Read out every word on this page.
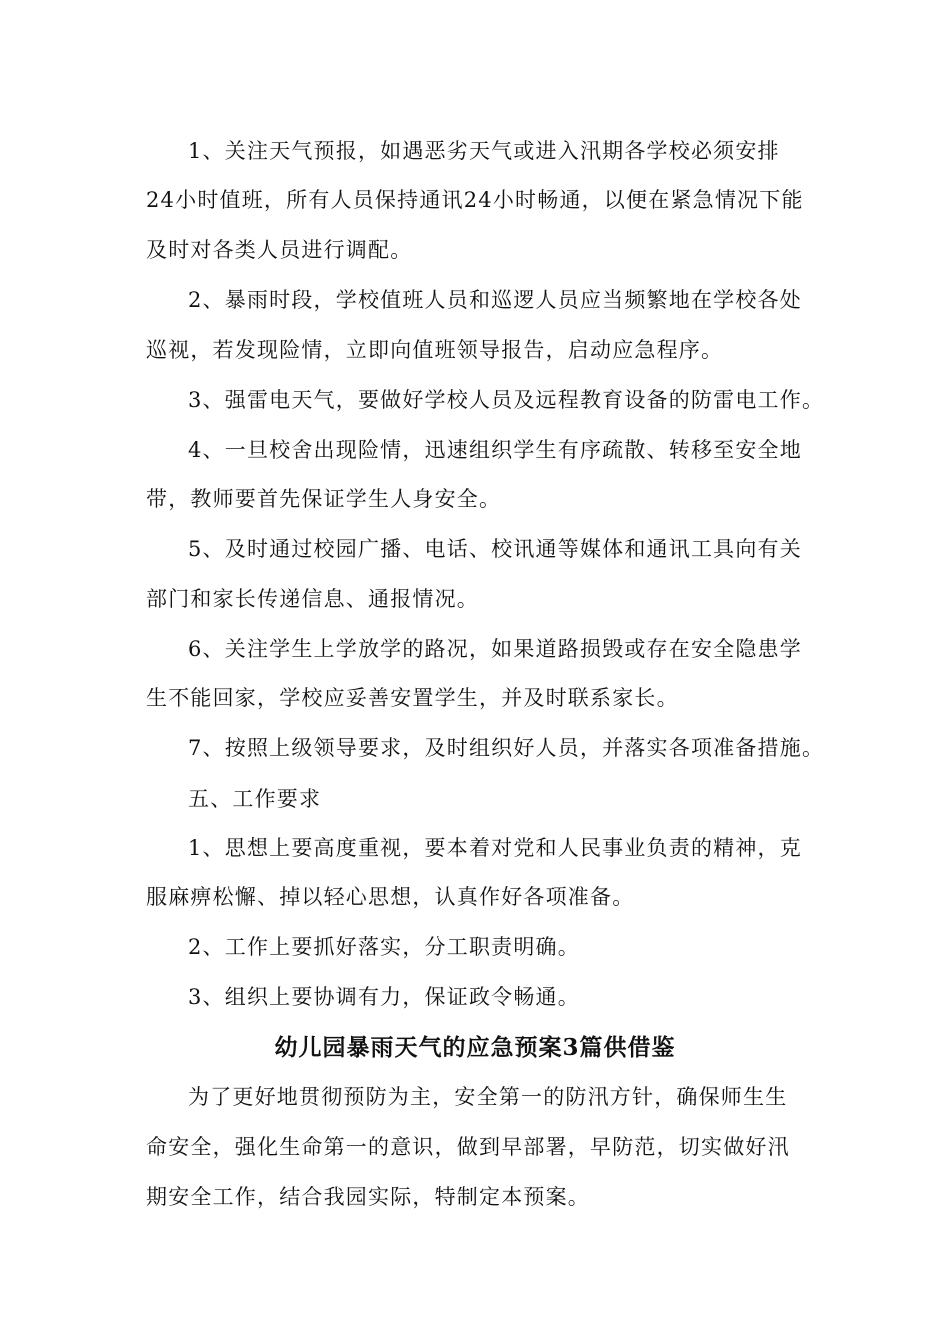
1、关注天气预报，如遇恶劣天气或进入汛期各学校必须安排
24小时值班，所有人员保持通讯24小时畅通，以便在紧急情况下能
及时对各类人员进行调配。
2、暴雨时段，学校值班人员和巡逻人员应当频繁地在学校各处
巡视，若发现险情，立即向值班领导报告，启动应急程序。
3、强雷电天气，要做好学校人员及远程教育设备的防雷电工作。
4、一旦校舍出现险情，迅速组织学生有序疏散、转移至安全地
带，教师要首先保证学生人身安全。
5、及时通过校园广播、电话、校讯通等媒体和通讯工具向有关
部门和家长传递信息、通报情况。
6、关注学生上学放学的路况，如果道路损毁或存在安全隐患学
生不能回家，学校应妥善安置学生，并及时联系家长。
7、按照上级领导要求，及时组织好人员，并落实各项准备措施。
五、工作要求
1、思想上要高度重视，要本着对党和人民事业负责的精神，克
服麻痹松懈、掉以轻心思想，认真作好各项准备。
2、工作上要抓好落实，分工职责明确。
3、组织上要协调有力，保证政令畅通。
幼儿园暴雨天气的应急预案3篇供借鉴
为了更好地贯彻预防为主，安全第一的防汛方针，确保师生生
命安全，强化生命第一的意识，做到早部署，早防范，切实做好汛
期安全工作，结合我园实际，特制定本预案。
